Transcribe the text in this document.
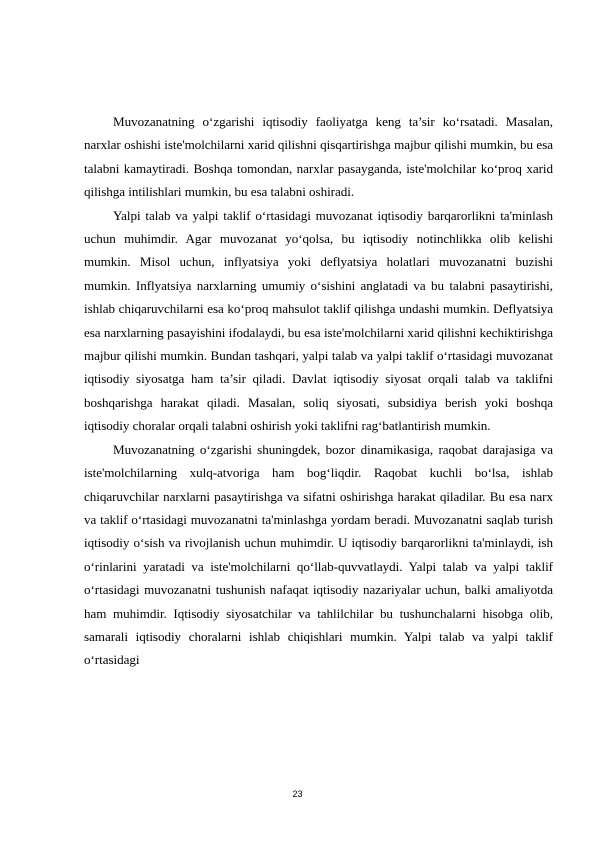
Muvozanatning o‘zgarishi iqtisodiy faoliyatga keng ta’sir ko‘rsatadi. Masalan, narxlar oshishi iste'molchilarni xarid qilishni qisqartirishga majbur qilishi mumkin, bu esa talabni kamaytiradi. Boshqa tomondan, narxlar pasayganda, iste'molchilar ko‘proq xarid qilishga intilishlari mumkin, bu esa talabni oshiradi.

Yalpi talab va yalpi taklif o‘rtasidagi muvozanat iqtisodiy barqarorlikni ta'minlash uchun muhimdir. Agar muvozanat yo‘qolsa, bu iqtisodiy notinchlikka olib kelishi mumkin. Misol uchun, inflyatsiya yoki deflyatsiya holatlari muvozanatni buzishi mumkin. Inflyatsiya narxlarning umumiy o‘sishini anglatadi va bu talabni pasaytirishi, ishlab chiqaruvchilarni esa ko‘proq mahsulot taklif qilishga undashi mumkin. Deflyatsiya esa narxlarning pasayishini ifodalaydi, bu esa iste'molchilarni xarid qilishni kechiktirishga majbur qilishi mumkin. Bundan tashqari, yalpi talab va yalpi taklif o‘rtasidagi muvozanat iqtisodiy siyosatga ham ta’sir qiladi. Davlat iqtisodiy siyosat orqali talab va taklifni boshqarishga harakat qiladi. Masalan, soliq siyosati, subsidiya berish yoki boshqa iqtisodiy choralar orqali talabni oshirish yoki taklifni rag‘batlantirish mumkin.

Muvozanatning o‘zgarishi shuningdek, bozor dinamikasiga, raqobat darajasiga va iste'molchilarning xulq-atvoriga ham bog‘liqdir. Raqobat kuchli bo‘lsa, ishlab chiqaruvchilar narxlarni pasaytirishga va sifatni oshirishga harakat qiladilar. Bu esa narx va taklif o‘rtasidagi muvozanatni ta'minlashga yordam beradi. Muvozanatni saqlab turish iqtisodiy o‘sish va rivojlanish uchun muhimdir. U iqtisodiy barqarorlikni ta'minlaydi, ish o‘rinlarini yaratadi va iste'molchilarni qo‘llab-quvvatlaydi. Yalpi talab va yalpi taklif o‘rtasidagi muvozanatni tushunish nafaqat iqtisodiy nazariyalar uchun, balki amaliyotda ham muhimdir. Iqtisodiy siyosatchilar va tahlilchilar bu tushunchalarni hisobga olib, samarali iqtisodiy choralarni ishlab chiqishlari mumkin. Yalpi talab va yalpi taklif o‘rtasidagi

23
